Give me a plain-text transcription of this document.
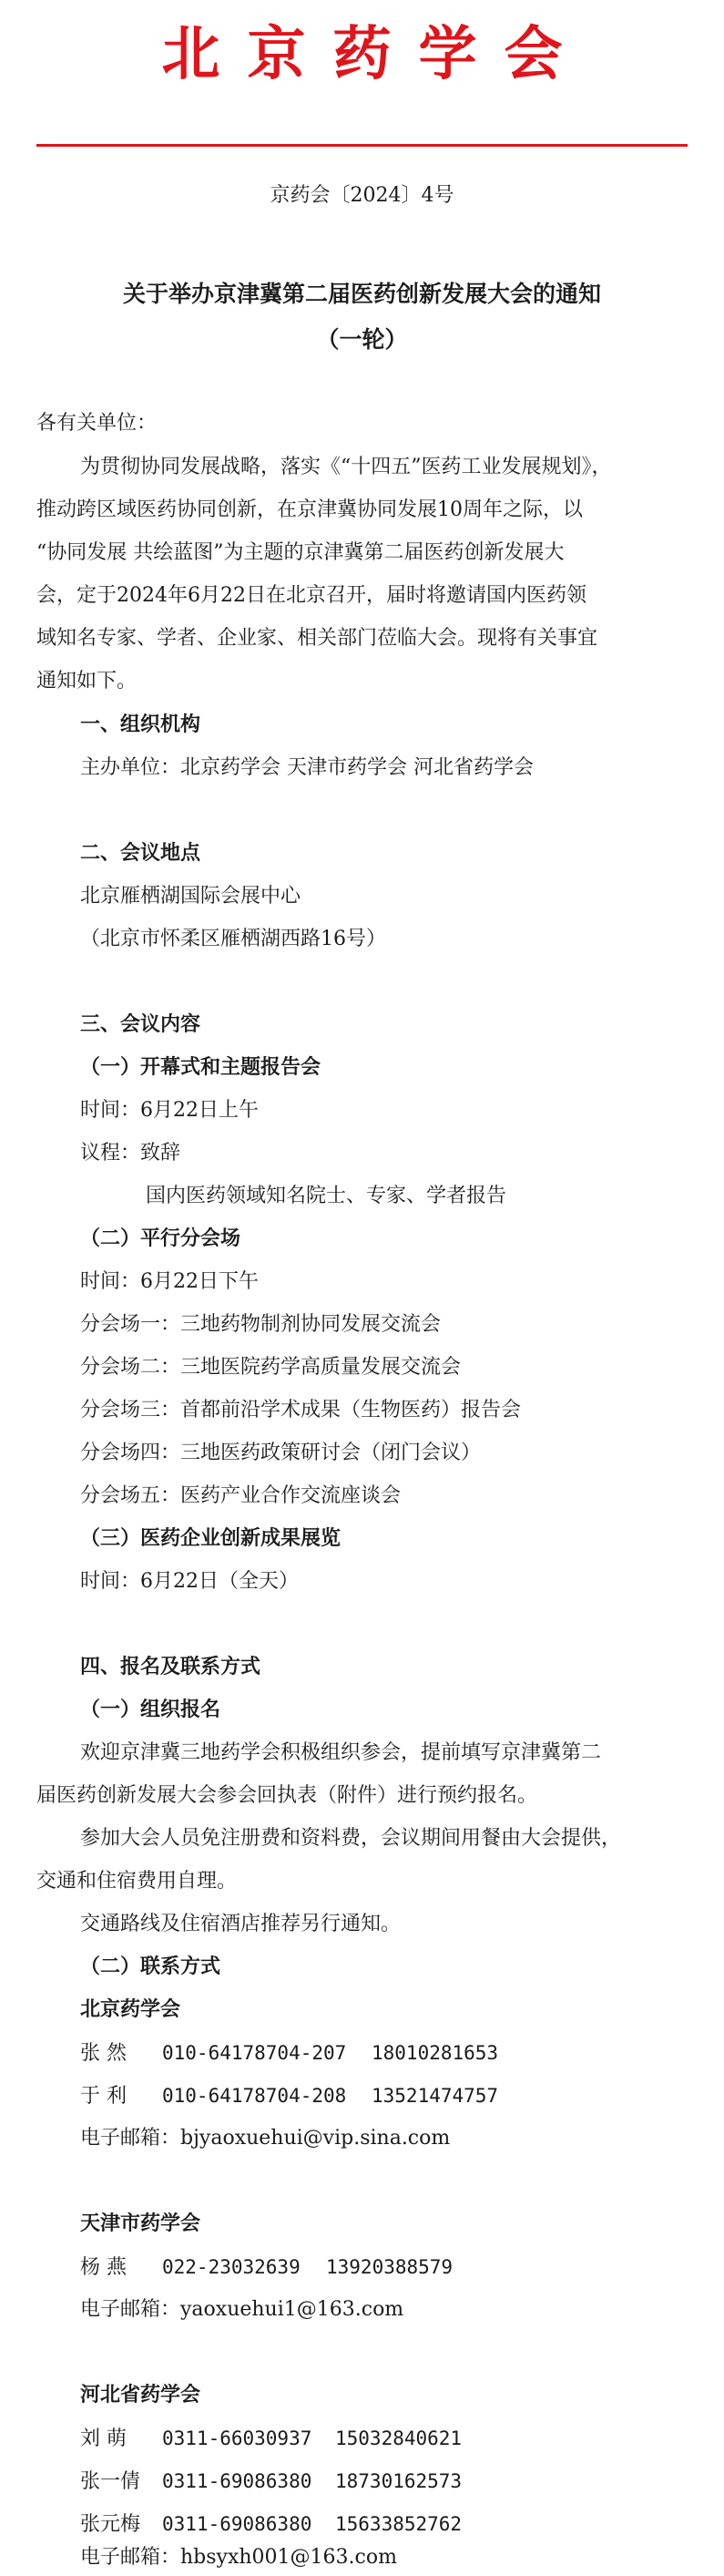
北京药学会
京药会〔2024〕4号
关于举办京津冀第二届医药创新发展大会的通知
（一轮）
各有关单位：
为贯彻协同发展战略，落实《“十四五”医药工业发展规划》，
推动跨区域医药协同创新，在京津冀协同发展10周年之际，以
“协同发展 共绘蓝图”为主题的京津冀第二届医药创新发展大
会，定于2024年6月22日在北京召开，届时将邀请国内医药领
域知名专家、学者、企业家、相关部门莅临大会。现将有关事宜
通知如下。
一、组织机构
主办单位：北京药学会 天津市药学会 河北省药学会
二、会议地点
北京雁栖湖国际会展中心
（北京市怀柔区雁栖湖西路16号）
三、会议内容
（一）开幕式和主题报告会
时间：6月22日上午
议程：致辞
国内医药领域知名院士、专家、学者报告
（二）平行分会场
时间：6月22日下午
分会场一：三地药物制剂协同发展交流会
分会场二：三地医院药学高质量发展交流会
分会场三：首都前沿学术成果（生物医药）报告会
分会场四：三地医药政策研讨会（闭门会议）
分会场五：医药产业合作交流座谈会
（三）医药企业创新成果展览
时间：6月22日（全天）
四、报名及联系方式
（一）组织报名
欢迎京津冀三地药学会积极组织参会，提前填写京津冀第二
届医药创新发展大会参会回执表（附件）进行预约报名。
参加大会人员免注册费和资料费，会议期间用餐由大会提供，
交通和住宿费用自理。
交通路线及住宿酒店推荐另行通知。
（二）联系方式
北京药学会
张 然 010-64178704-207 18010281653
于 利 010-64178704-208 13521474757
电子邮箱：bjyaoxuehui@vip.sina.com
天津市药学会
杨 燕 022-23032639 13920388579
电子邮箱：yaoxuehui1@163.com
河北省药学会
刘 萌 0311-66030937 15032840621
张一倩 0311-69086380 18730162573
张元梅 0311-69086380 15633852762
电子邮箱：hbsyxh001@163.com
